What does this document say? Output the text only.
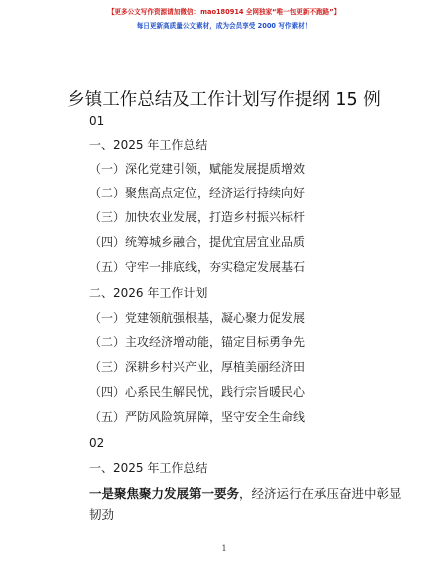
【更多公文写作资源请加微信：mao180914 全网独家“唯一包更新不跑路”】
每日更新高质量公文素材，成为会员享受 2000 写作素材！
乡镇工作总结及工作计划写作提纲 15 例
01
一、2025 年工作总结
（一）深化党建引领，赋能发展提质增效
（二）聚焦高点定位，经济运行持续向好
（三）加快农业发展，打造乡村振兴标杆
（四）统筹城乡融合，提优宜居宜业品质
（五）守牢一排底线，夯实稳定发展基石
二、2026 年工作计划
（一）党建领航强根基，凝心聚力促发展
（二）主攻经济增动能，锚定目标勇争先
（三）深耕乡村兴产业，厚植美丽经济田
（四）心系民生解民忧，践行宗旨暖民心
（五）严防风险筑屏障，坚守安全生命线
02
一、2025 年工作总结
一是聚焦聚力发展第一要务，经济运行在承压奋进中彰显
韧劲
1
